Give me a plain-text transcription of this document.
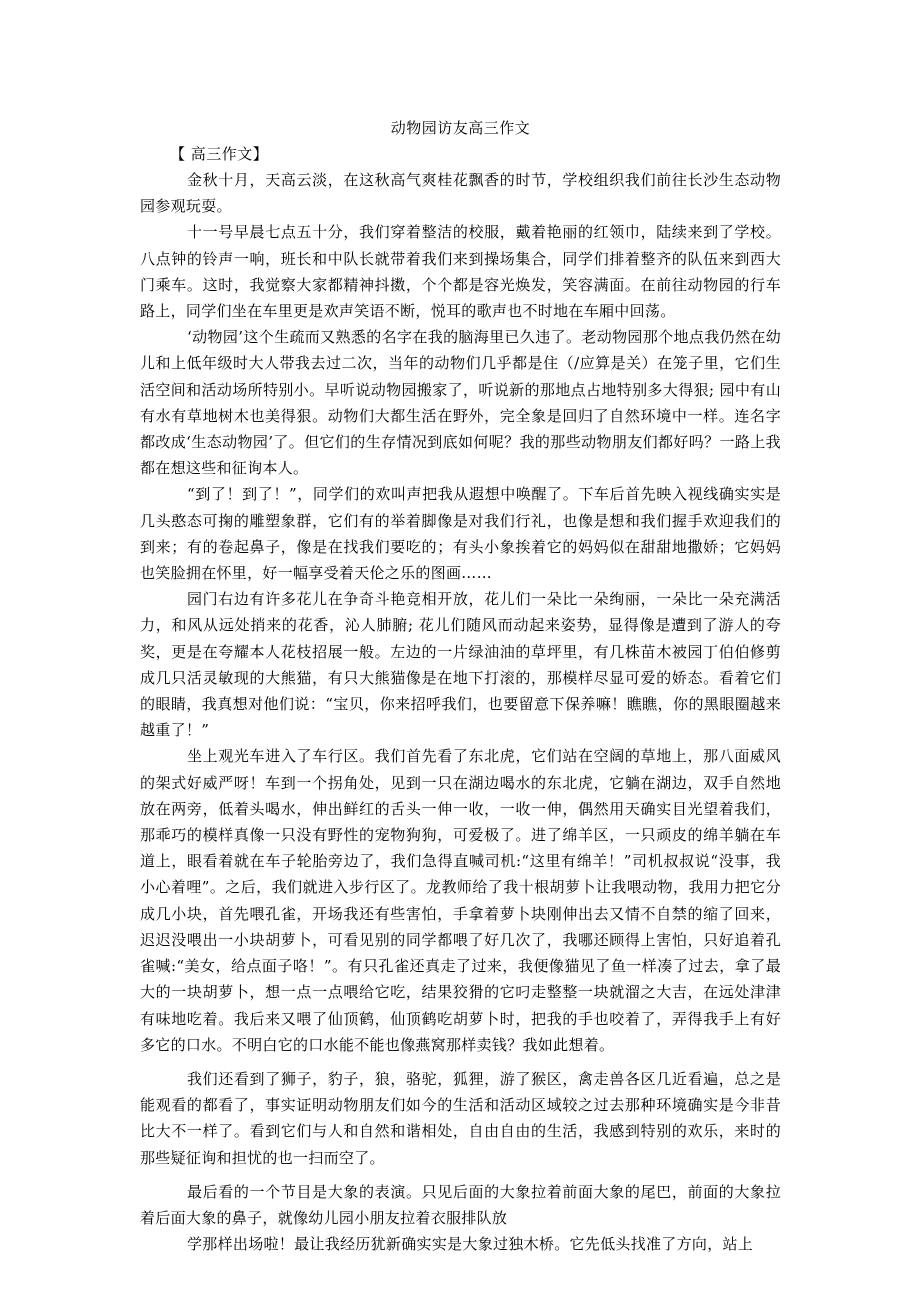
动物园访友高三作文

【 高三作文】

金秋十月，天高云淡，在这秋高气爽桂花飘香的时节，学校组织我们前往长沙生态动物园参观玩耍。

十一号早晨七点五十分，我们穿着整洁的校服，戴着艳丽的红领巾，陆续来到了学校。八点钟的铃声一响，班长和中队长就带着我们来到操场集合，同学们排着整齐的队伍来到西大门乘车。这时，我觉察大家都精神抖擞，个个都是容光焕发，笑容满面。在前往动物园的行车路上，同学们坐在车里更是欢声笑语不断，悦耳的歌声也不时地在车厢中回荡。

‘动物园’这个生疏而又熟悉的名字在我的脑海里已久违了。老动物园那个地点我仍然在幼儿和上低年级时大人带我去过二次，当年的动物们几乎都是住（/应算是关）在笼子里，它们生活空间和活动场所特别小。早听说动物园搬家了，听说新的那地点占地特别多大得狠; 园中有山有水有草地树木也美得狠。动物们大都生活在野外，完全象是回归了自然环境中一样。连名字都改成‘生态动物园’了。但它们的生存情况到底如何呢？我的那些动物朋友们都好吗？一路上我都在想这些和征询本人。

“到了！到了！”，同学们的欢叫声把我从遐想中唤醒了。下车后首先映入视线确实实是几头憨态可掬的雕塑象群，它们有的举着脚像是对我们行礼，也像是想和我们握手欢迎我们的到来；有的卷起鼻子，像是在找我们要吃的；有头小象挨着它的妈妈似在甜甜地撒娇；它妈妈也笑脸拥在怀里，好一幅享受着天伦之乐的图画……

园门右边有许多花儿在争奇斗艳竞相开放，花儿们一朵比一朵绚丽，一朵比一朵充满活力，和风从远处捎来的花香，沁人肺腑; 花儿们随风而动起来姿势，显得像是遭到了游人的夸奖，更是在夸耀本人花枝招展一般。左边的一片绿油油的草坪里，有几株苗木被园丁伯伯修剪成几只活灵敏现的大熊猫，有只大熊猫像是在地下打滚的，那模样尽显可爱的娇态。看着它们的眼睛，我真想对他们说：“宝贝，你来招呼我们，也要留意下保养嘛！瞧瞧，你的黑眼圈越来越重了！”

坐上观光车进入了车行区。我们首先看了东北虎，它们站在空阔的草地上，那八面威风的架式好威严呀！车到一个拐角处，见到一只在湖边喝水的东北虎，它躺在湖边，双手自然地放在两旁，低着头喝水，伸出鲜红的舌头一伸一收，一收一伸，偶然用天确实目光望着我们，那乖巧的模样真像一只没有野性的宠物狗狗，可爱极了。进了绵羊区，一只顽皮的绵羊躺在车道上，眼看着就在车子轮胎旁边了，我们急得直喊司机:“这里有绵羊！”司机叔叔说“没事，我小心着哩”。之后，我们就进入步行区了。龙教师给了我十根胡萝卜让我喂动物，我用力把它分成几小块，首先喂孔雀，开场我还有些害怕，手拿着萝卜块刚伸出去又情不自禁的缩了回来，迟迟没喂出一小块胡萝卜，可看见别的同学都喂了好几次了，我哪还顾得上害怕，只好追着孔雀喊:“美女，给点面子咯！”。有只孔雀还真走了过来，我便像猫见了鱼一样凑了过去，拿了最大的一块胡萝卜，想一点一点喂给它吃，结果狡猾的它叼走整整一块就溜之大吉，在远处津津有味地吃着。我后来又喂了仙顶鹤，仙顶鹤吃胡萝卜时，把我的手也咬着了，弄得我手上有好多它的口水。不明白它的口水能不能也像燕窝那样卖钱？我如此想着。

我们还看到了狮子，豹子，狼，骆驼，狐狸，游了猴区，禽走兽各区几近看遍，总之是能观看的都看了，事实证明动物朋友们如今的生活和活动区域较之过去那种环境确实是今非昔比大不一样了。看到它们与人和自然和谐相处，自由自由的生活，我感到特别的欢乐，来时的那些疑征询和担忧的也一扫而空了。

最后看的一个节目是大象的表演。只见后面的大象拉着前面大象的尾巴，前面的大象拉着后面大象的鼻子，就像幼儿园小朋友拉着衣服排队放

学那样出场啦！最让我经历犹新确实实是大象过独木桥。它先低头找准了方向，站上
